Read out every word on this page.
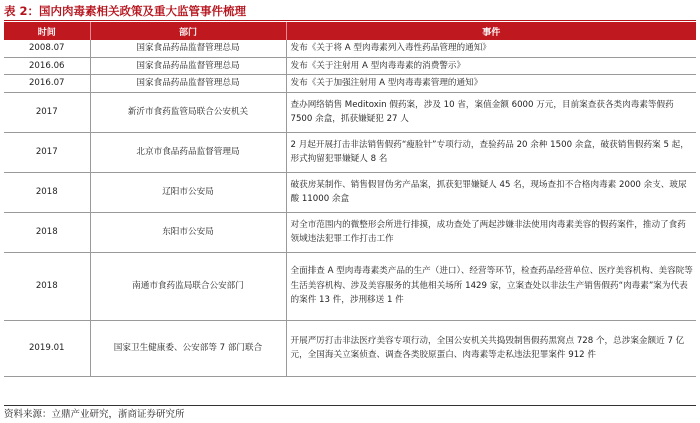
表 2：国内肉毒素相关政策及重大监管事件梳理
时间	部门	事件
2008.07	国家食品药品监督管理总局	发布《关于将 A 型肉毒素列入毒性药品管理的通知》
2016.06	国家食品药品监督管理总局	发布《关于注射用 A 型肉毒毒素的消费警示》
2016.07	国家食品药品监督管理总局	发布《关于加强注射用 A 型肉毒毒素管理的通知》
2017	新沂市食药监管局联合公安机关	查办网络销售 Meditoxin 假药案，涉及 10 省，案值金额 6000 万元，目前案查获各类肉毒素等假药 7500 余盒，抓获嫌疑犯 27 人
2017	北京市食品药品监督管理局	2 月起开展打击非法销售假药“瘦脸针”专项行动，查验药品 20 余种 1500 余盒，破获销售假药案 5 起，形式拘留犯罪嫌疑人 8 名
2018	辽阳市公安局	破获房某制作、销售假冒伪劣产品案，抓获犯罪嫌疑人 45 名，现场查扣不合格肉毒素 2000 余支、玻尿酸 11000 余盒
2018	东阳市公安局	对全市范围内的微整形会所进行排摸，成功查处了两起涉嫌非法使用肉毒素美容的假药案件，推动了食药领域违法犯罪工作打击工作
2018	南通市食药监局联合公安部门	全面排查 A 型肉毒毒素类产品的生产（进口）、经营等环节，检查药品经营单位、医疗美容机构、美容院等生活美容机构、涉及美容服务的其他相关场所 1429 家，立案查处以非法生产销售假药“肉毒素”案为代表的案件 13 件，涉刑移送 1 件
2019.01	国家卫生健康委、公安部等 7 部门联合	开展严厉打击非法医疗美容专项行动，全国公安机关共捣毁制售假药黑窝点 728 个，总涉案金额近 7 亿元，全国海关立案侦查、调查各类胶原蛋白、肉毒素等走私违法犯罪案件 912 件
资料来源：立鼎产业研究，浙商证券研究所
